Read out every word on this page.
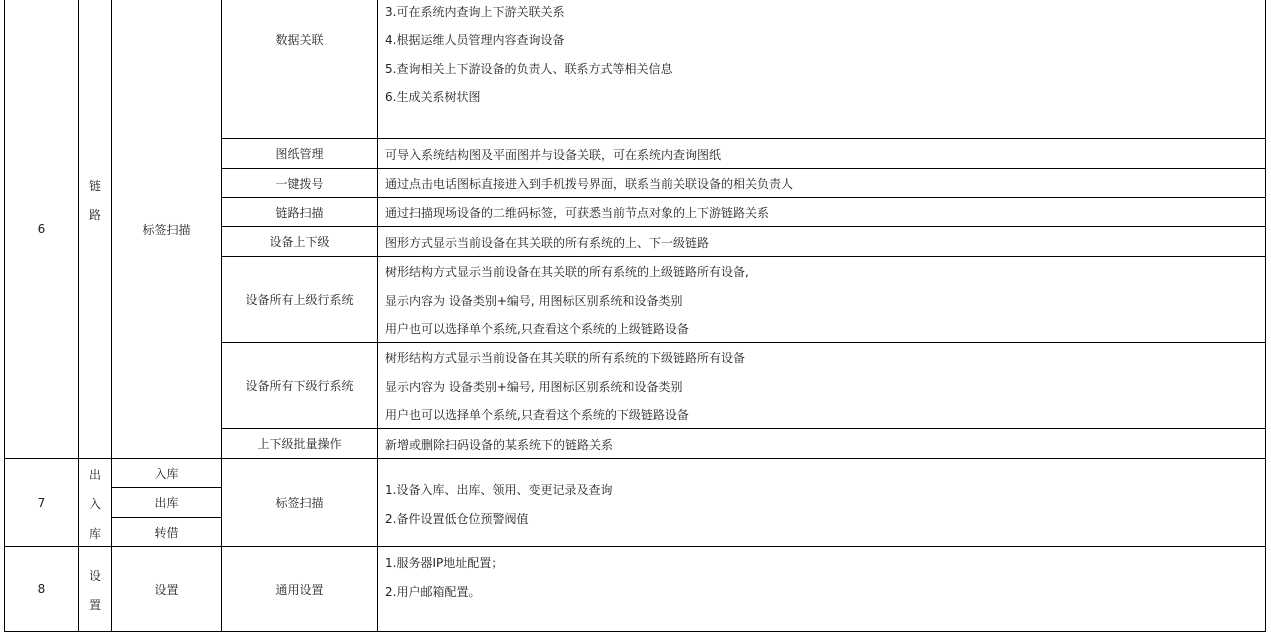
6
链
路
标签扫描
数据关联
图纸管理
一键拨号
链路扫描
设备上下级
设备所有上级行系统
设备所有下级行系统
上下级批量操作
3.可在系统内查询上下游关联关系
4.根据运维人员管理内容查询设备
5.查询相关上下游设备的负责人、联系方式等相关信息
6.生成关系树状图
可导入系统结构图及平面图并与设备关联，可在系统内查询图纸
通过点击电话图标直接进入到手机拨号界面，联系当前关联设备的相关负责人
通过扫描现场设备的二维码标签，可获悉当前节点对象的上下游链路关系
图形方式显示当前设备在其关联的所有系统的上、下一级链路
树形结构方式显示当前设备在其关联的所有系统的上级链路所有设备,
显示内容为 设备类别+编号, 用图标区别系统和设备类别
用户也可以选择单个系统,只查看这个系统的上级链路设备
树形结构方式显示当前设备在其关联的所有系统的下级链路所有设备
显示内容为 设备类别+编号, 用图标区别系统和设备类别
用户也可以选择单个系统,只查看这个系统的下级链路设备
新增或删除扫码设备的某系统下的链路关系
7
出
入
库
入库
出库
转借
标签扫描
1.设备入库、出库、领用、变更记录及查询
2.备件设置低仓位预警阀值
8
设
置
设置	通用设置
1.服务器IP地址配置；
2.用户邮箱配置。
